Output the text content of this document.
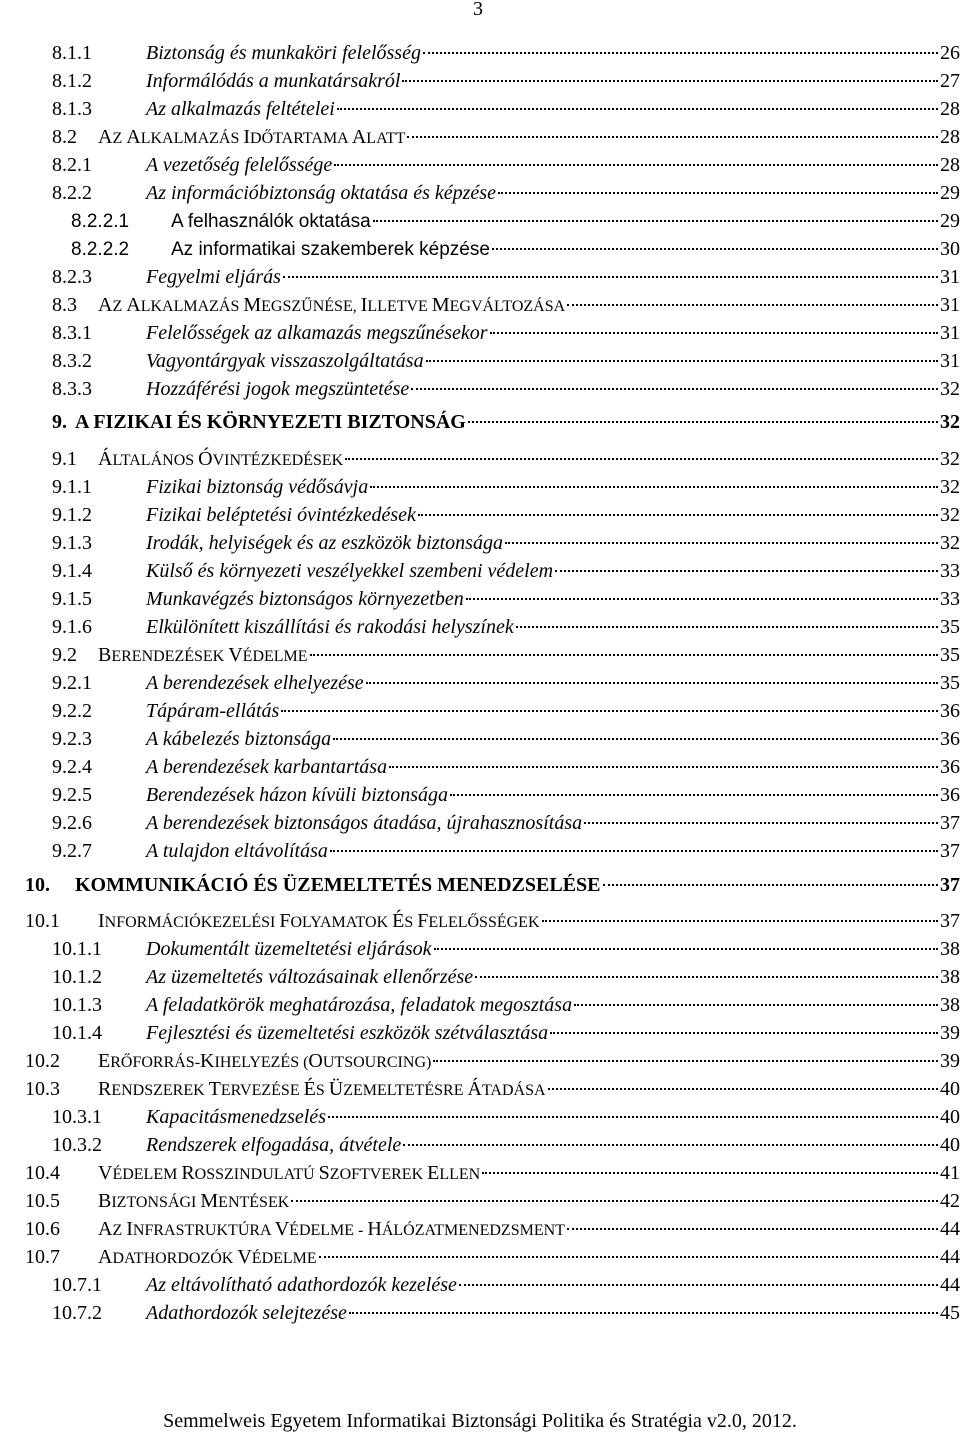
3
8.1.1	Biztonság és munkaköri felelősség	26
8.1.2	Informálódás a munkatársakról	27
8.1.3	Az alkalmazás feltételei	28
8.2 AZ ALKALMAZÁS IDŐTARTAMA ALATT	28
8.2.1	A vezetőség felelőssége	28
8.2.2	Az információbiztonság oktatása és képzése	29
8.2.2.1 A felhasználók oktatása	29
8.2.2.2 Az informatikai szakemberek képzése	30
8.2.3	Fegyelmi eljárás	31
8.3 AZ ALKALMAZÁS MEGSZŰNÉSE, ILLETVE MEGVÁLTOZÁSA	31
8.3.1	Felelősségek az alkamazás megszűnésekor	31
8.3.2	Vagyontárgyak visszaszolgáltatása	31
8.3.3	Hozzáférési jogok megszüntetése	32
9. A FIZIKAI ÉS KÖRNYEZETI BIZTONSÁG	32
9.1 ÁLTALÁNOS ÓVINTÉZKEDÉSEK	32
9.1.1	Fizikai biztonság védősávja	32
9.1.2	Fizikai beléptetési óvintézkedések	32
9.1.3	Irodák, helyiségek és az eszközök biztonsága	32
9.1.4	Külső és környezeti veszélyekkel szembeni védelem	33
9.1.5	Munkavégzés biztonságos környezetben	33
9.1.6	Elkülönített kiszállítási és rakodási helyszínek	35
9.2 BERENDEZÉSEK VÉDELME	35
9.2.1	A berendezések elhelyezése	35
9.2.2	Tápáram-ellátás	36
9.2.3	A kábelezés biztonsága	36
9.2.4	A berendezések karbantartása	36
9.2.5	Berendezések házon kívüli biztonsága	36
9.2.6	A berendezések biztonságos átadása, újrahasznosítása	37
9.2.7	A tulajdon eltávolítása	37
10. KOMMUNIKÁCIÓ ÉS ÜZEMELTETÉS MENEDZSELÉSE	37
10.1 INFORMÁCIÓKEZELÉSI FOLYAMATOK ÉS FELELŐSSÉGEK	37
10.1.1 Dokumentált üzemeltetési eljárások	38
10.1.2 Az üzemeltetés változásainak ellenőrzése	38
10.1.3 A feladatkörök meghatározása, feladatok megosztása	38
10.1.4 Fejlesztési és üzemeltetési eszközök szétválasztása	39
10.2 ERŐFORRÁS-KIHELYEZÉS (OUTSOURCING)	39
10.3 RENDSZEREK TERVEZÉSE ÉS ÜZEMELTETÉSRE ÁTADÁSA	40
10.3.1 Kapacitásmenedzselés	40
10.3.2 Rendszerek elfogadása, átvétele	40
10.4 VÉDELEM ROSSZINDULATÚ SZOFTVEREK ELLEN	41
10.5 BIZTONSÁGI MENTÉSEK	42
10.6 AZ INFRASTRUKTÚRA VÉDELME - HÁLÓZATMENEDZSMENT	44
10.7 ADATHORDOZÓK VÉDELME	44
10.7.1 Az eltávolítható adathordozók kezelése	44
10.7.2 Adathordozók selejtezése	45
Semmelweis Egyetem Informatikai Biztonsági Politika és Stratégia v2.0, 2012.
